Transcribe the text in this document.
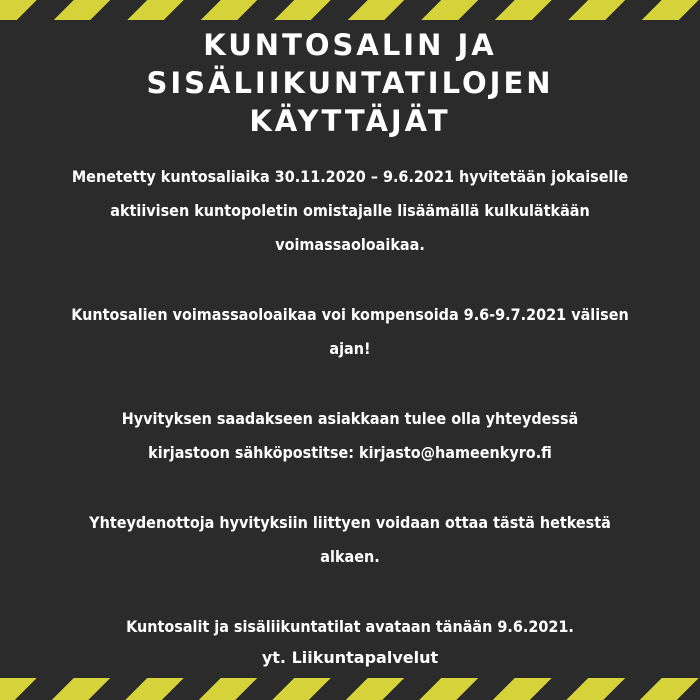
KUNTOSALIN JA
SISÄLIIKUNTATILOJEN
KÄYTTÄJÄT
Menetetty kuntosaliaika 30.11.2020 – 9.6.2021 hyvitetään jokaiselle
aktiivisen kuntopoletin omistajalle lisäämällä kulkulätkään
voimassaoloaikaa.
Kuntosalien voimassaoloaikaa voi kompensoida 9.6-9.7.2021 välisen
ajan!
Hyvityksen saadakseen asiakkaan tulee olla yhteydessä
kirjastoon sähköpostitse: kirjasto@hameenkyro.fi
Yhteydenottoja hyvityksiin liittyen voidaan ottaa tästä hetkestä
alkaen.
Kuntosalit ja sisäliikuntatilat avataan tänään 9.6.2021.
yt. Liikuntapalvelut
